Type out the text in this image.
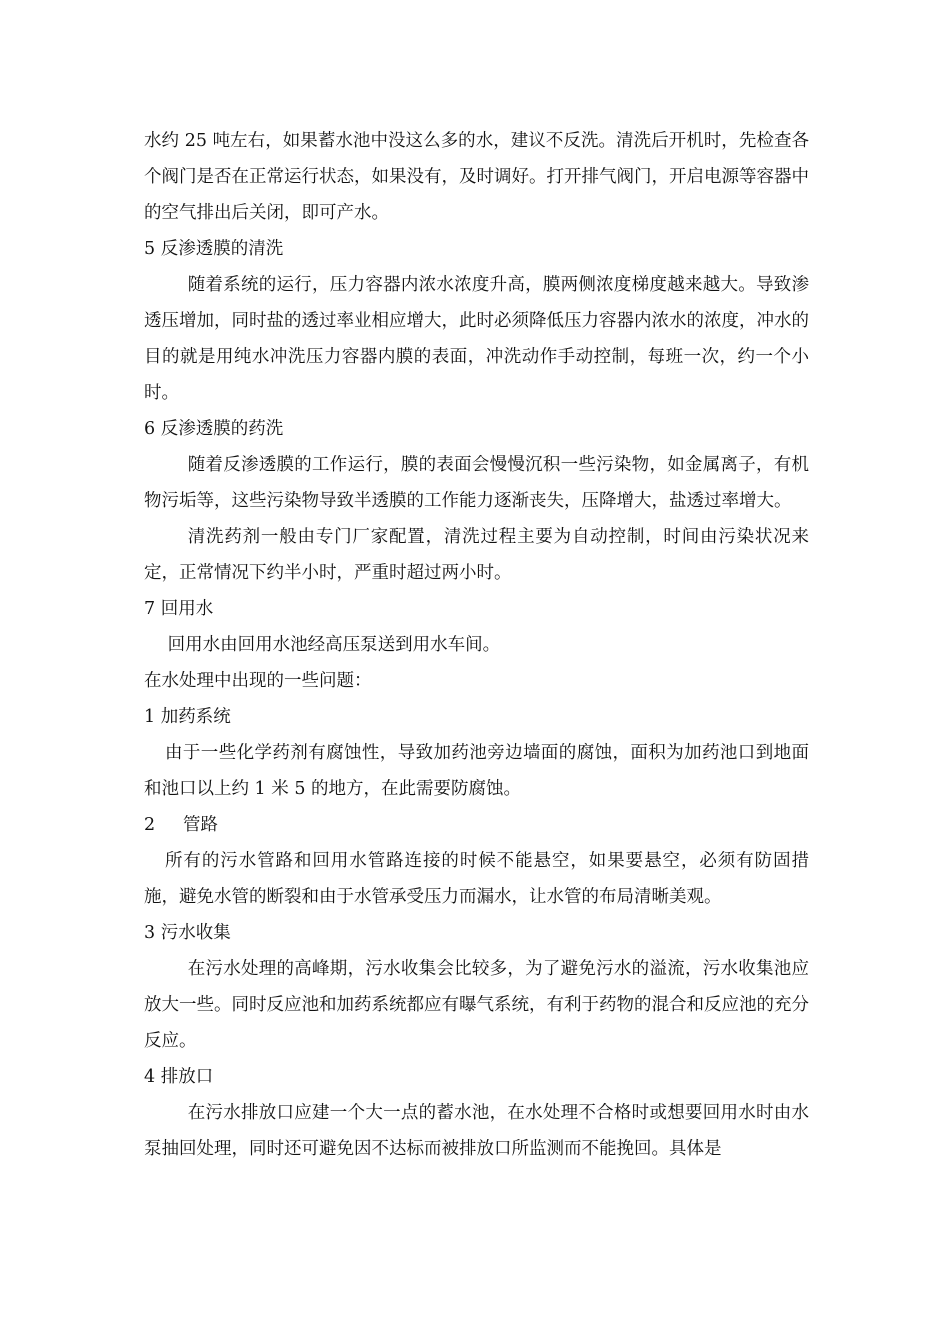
水约 25 吨左右，如果蓄水池中没这么多的水，建议不反洗。清洗后开机时，先检查各个阀门是否在正常运行状态，如果没有，及时调好。打开排气阀门，开启电源等容器中的空气排出后关闭，即可产水。

5 反渗透膜的清洗

随着系统的运行，压力容器内浓水浓度升高，膜两侧浓度梯度越来越大。导致渗透压增加，同时盐的透过率业相应增大，此时必须降低压力容器内浓水的浓度，冲水的目的就是用纯水冲洗压力容器内膜的表面，冲洗动作手动控制，每班一次，约一个小时。

6 反渗透膜的药洗

随着反渗透膜的工作运行，膜的表面会慢慢沉积一些污染物，如金属离子，有机物污垢等，这些污染物导致半透膜的工作能力逐渐丧失，压降增大，盐透过率增大。

清洗药剂一般由专门厂家配置，清洗过程主要为自动控制，时间由污染状况来定，正常情况下约半小时，严重时超过两小时。

7 回用水

回用水由回用水池经高压泵送到用水车间。

在水处理中出现的一些问题：

1 加药系统

由于一些化学药剂有腐蚀性，导致加药池旁边墙面的腐蚀，面积为加药池口到地面和池口以上约 1 米 5 的地方，在此需要防腐蚀。

2     管路

所有的污水管路和回用水管路连接的时候不能悬空，如果要悬空，必须有防固措施，避免水管的断裂和由于水管承受压力而漏水，让水管的布局清晰美观。

3 污水收集

在污水处理的高峰期，污水收集会比较多，为了避免污水的溢流，污水收集池应放大一些。同时反应池和加药系统都应有曝气系统，有利于药物的混合和反应池的充分反应。

4 排放口

在污水排放口应建一个大一点的蓄水池，在水处理不合格时或想要回用水时由水泵抽回处理，同时还可避免因不达标而被排放口所监测而不能挽回。具体是
